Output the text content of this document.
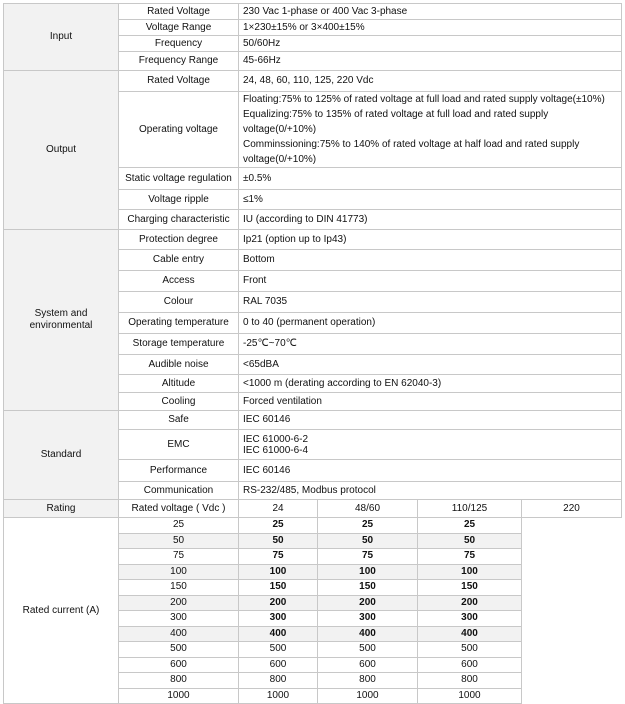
Input	Rated Voltage	230 Vac 1-phase or 400 Vac 3-phase			
	Voltage Range	1×230±15% or 3×400±15%			
	Frequency	50/60Hz			
	Frequency Range	45-66Hz			
Output	Rated Voltage	24, 48, 60, 110, 125, 220 Vdc			
	Operating voltage	Floating:75% to 125% of rated voltage at full load and rated supply voltage(±10%)
Equalizing:75% to 135% of rated voltage at full load and rated supply voltage(0/+10%)
Comminssioning:75% to 140% of rated voltage at half load and rated supply
voltage(0/+10%)			

	Static voltage regulation	±0.5%			
	Voltage ripple	≤1%			
	Charging characteristic	IU (according to DIN 41773)			

System and
environmental	Protection degree	Ip21 (option up to Ip43)			
	Cable entry	Bottom			
	Access	Front			
	Colour	RAL 7035			
	Operating temperature	0 to 40 (permanent operation)			
	Storage temperature	-25℃~70℃			
	Audible noise	<65dBA			
	Altitude	<1000 m (derating according to EN 62040-3)			
	Cooling	Forced ventilation			
Standard	Safe	IEC 60146			
	EMC	IEC 61000-6-2
IEC 61000-6-4			

	Performance	IEC 60146			
	Communication	RS-232/485, Modbus protocol			
Rating	Rated voltage ( Vdc )	24	48/60	110/125	220
Rated current (A)	25	25	25	25	
	50	50	50	50	
	75	75	75	75	
	100	100	100	100	
	150	150	150	150	
	200	200	200	200	
	300	300	300	300	
	400	400	400	400	
	500	500	500	500	
	600	600	600	600	
	800	800	800	800	
	1000	1000	1000	1000	
